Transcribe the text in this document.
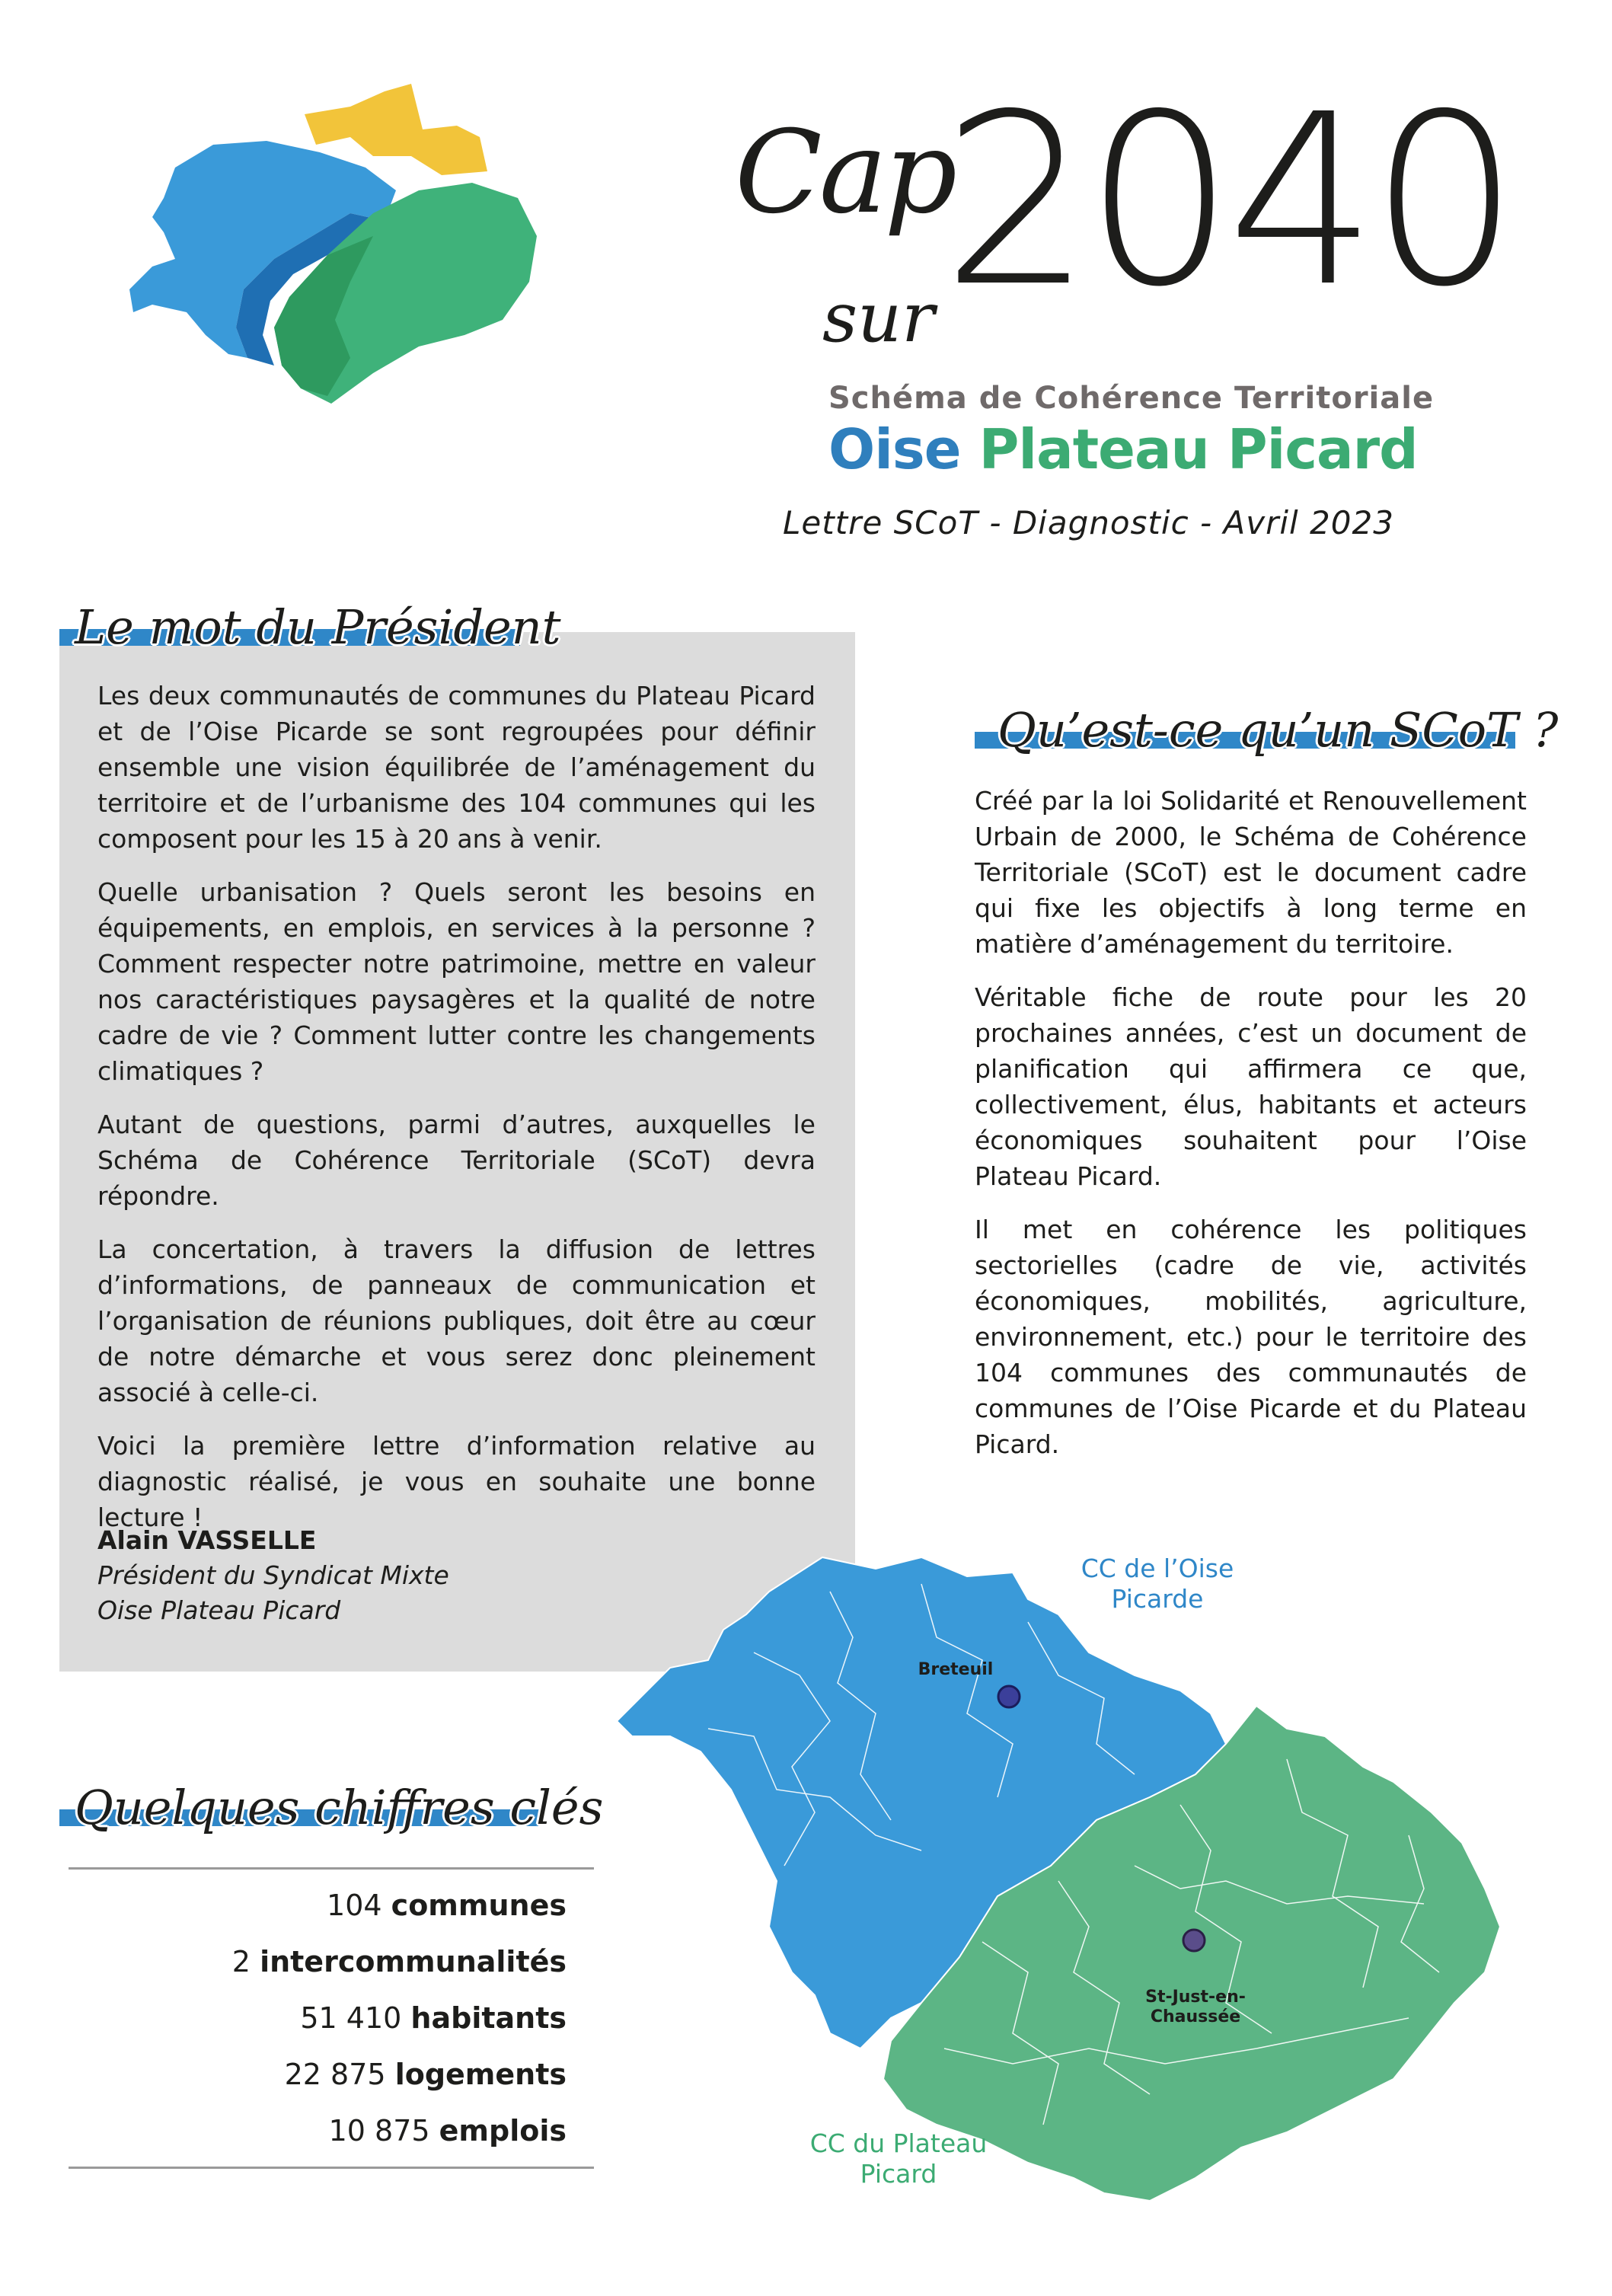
Cap
sur 2040
Schéma de Cohérence Territoriale
Oise Plateau Picard
Lettre SCoT - Diagnostic - Avril 2023
Le mot du Président

Les deux communautés de communes du Plateau Picard et de l’Oise Picarde se sont regroupées pour définir ensemble une vision équilibrée de l’aménagement du territoire et de l’urbanisme des 104 communes qui les composent pour les 15 à 20 ans à venir.

Quelle urbanisation ? Quels seront les besoins en équipements, en emplois, en services à la personne ? Comment respecter notre patrimoine, mettre en valeur nos caractéristiques paysagères et la qualité de notre cadre de vie ? Comment lutter contre les changements climatiques ?

Autant de questions, parmi d’autres, auxquelles le Schéma de Cohérence Territoriale (SCoT) devra répondre.

La concertation, à travers la diffusion de lettres d’informations, de panneaux de communication et l’organisation de réunions publiques, doit être au cœur de notre démarche et vous serez donc pleinement associé à celle-ci.

Voici la première lettre d’information relative au diagnostic réalisé, je vous en souhaite une bonne lecture !

Alain VASSELLE
Président du Syndicat Mixte
Oise Plateau Picard
Qu’est-ce qu’un SCoT ?

Créé par la loi Solidarité et Renouvellement Urbain de 2000, le Schéma de Cohérence Territoriale (SCoT) est le document cadre qui fixe les objectifs à long terme en matière d’aménagement du territoire.

Véritable fiche de route pour les 20 prochaines années, c’est un document de planification qui affirmera ce que, collectivement, élus, habitants et acteurs économiques souhaitent pour l’Oise Plateau Picard.

Il met en cohérence les politiques sectorielles (cadre de vie, activités économiques, mobilités, agriculture, environnement, etc.) pour le territoire des 104 communes des communautés de communes de l’Oise Picarde et du Plateau Picard.

Quelques chiffres clés
104 communes
2 intercommunalités
51 410 habitants
22 875 logements
10 875 emplois
Breteuil
St-Just-en-
Chaussée
CC de l’Oise
Picarde
CC du Plateau
Picard
